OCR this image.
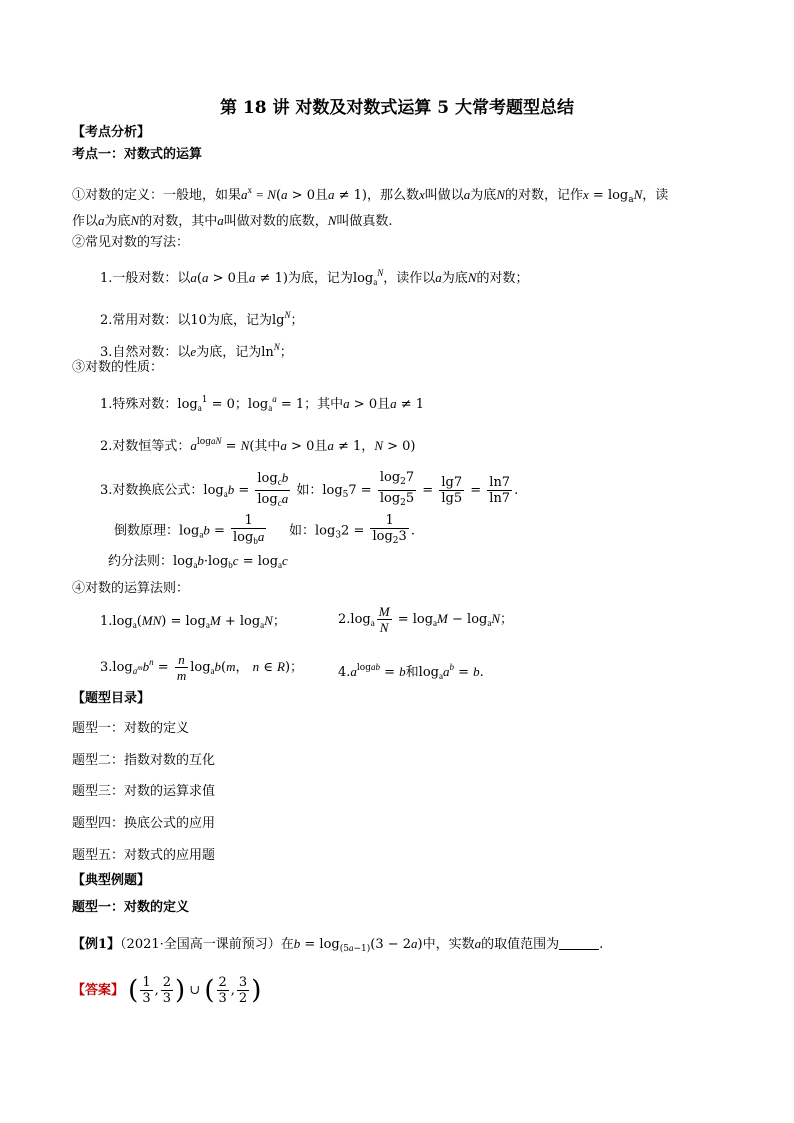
第 18 讲 对数及对数式运算 5 大常考题型总结
【考点分析】
考点一：对数式的运算
①对数的定义：一般地，如果$a^x = N(a > 0$且a ≠ 1)，那么数x叫做以a为底N的对数，记作$x = \log_aN$，读
作以a为底N的对数，其中a叫做对数的底数，N叫做真数.
②常见对数的写法：
1.一般对数：以a(a > 0且a ≠ 1)为底，记为$\log_a^N$，读作以a为底N的对数；
2.常用对数：以10为底，记为$\lg^N$；
3.自然对数：以e为底，记为$\ln^N$；
③对数的性质：
1.特殊对数：$\log_a^1 = 0$；$\log_a^a = 1$；其中a > 0且a ≠ 1
2.对数恒等式：$a^{logaN} = N$(其中a > 0且a ≠ 1，N > 0)
3.对数换底公式：$\log_ab = \frac{\log_cb}{\log_ca}$ 如：$\log_57 = \frac{\log_27}{\log_25} = \frac{\lg 7}{\lg 5} = \frac{\ln 7}{\ln 7}$ .
倒数原理：$\log_ab = \frac{1}{\log_ba}$ 如：$\log_32 = \frac{1}{\log_23}$ .
约分法则：$\log_ab\cdot\log_bc = \log_ac$
④对数的运算法则：
$1.\log_a(MN) = \log_aM + \log_aN$；	$2.\log_a \frac{M}{N} = \log_aM - \log_aN$；
$3.\log_{a^m}b^n = \frac{n}{m} \log_ab(m$， n ∈ R)；	$4.a^{logab} = b$和$\log_aa^b = b$.
【题型目录】
题型一：对数的定义
题型二：指数对数的互化
题型三：对数的运算求值
题型四：换底公式的应用
题型五：对数式的应用题
【典型例题】
题型一：对数的定义
【例1】（2021·全国高一课前预习）在$b = \log_{(5a-1)}(3 - 2a)$中，实数a的取值范围为	.
【答案】 ( $\frac{1}{3}$ , $\frac{2}{3}$ ) ∪ ( $\frac{2}{3}$ , $\frac{3}{2}$ )
